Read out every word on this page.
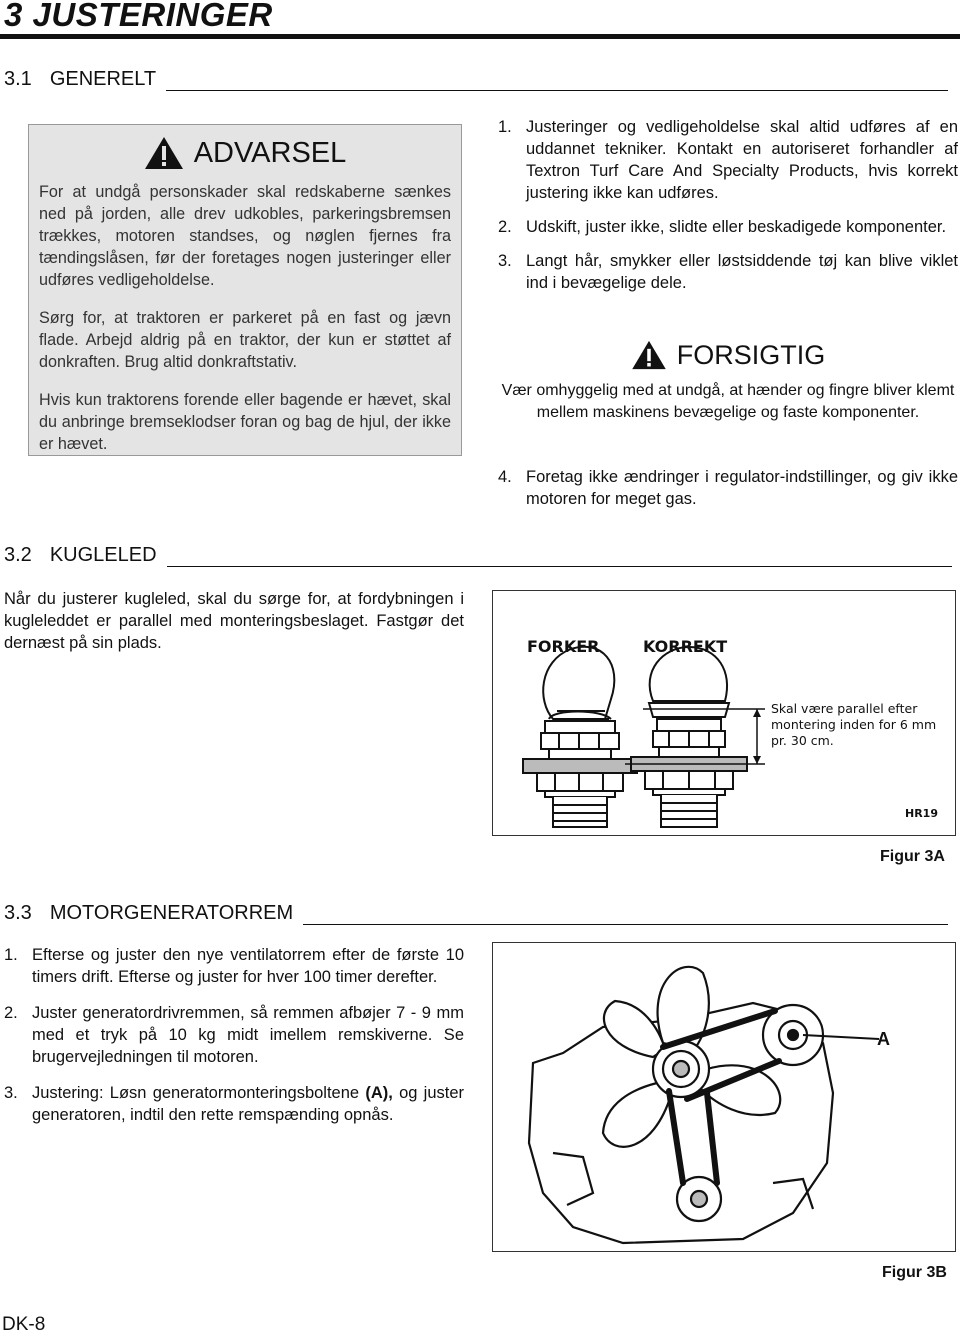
3 JUSTERINGER
3.1 GENERELT
ADVARSEL

For at undgå personskader skal redskaberne sænkes ned på jorden, alle drev udkobles, parkeringsbremsen trækkes, motoren standses, og nøglen fjernes fra tændingslåsen, før der foretages nogen justeringer eller udføres vedligeholdelse.

Sørg for, at traktoren er parkeret på en fast og jævn flade. Arbejd aldrig på en traktor, der kun er støttet af donkraften. Brug altid donkraftstativ.

Hvis kun traktorens forende eller bagende er hævet, skal du anbringe bremseklodser foran og bag de hjul, der ikke er hævet.

1. Justeringer og vedligeholdelse skal altid udføres af en uddannet tekniker. Kontakt en autoriseret forhandler af Textron Turf Care And Specialty Products, hvis korrekt justering ikke kan udføres.
2. Udskift, juster ikke, slidte eller beskadigede komponenter.
3. Langt hår, smykker eller løstsiddende tøj kan blive viklet ind i bevægelige dele.
FORSIGTIG
Vær omhyggelig med at undgå, at hænder og fingre bliver klemt mellem maskinens bevægelige og faste komponenter.
4. Foretag ikke ændringer i regulator-indstillinger, og giv ikke motoren for meget gas.
3.2 KUGLELED
Når du justerer kugleled, skal du sørge for, at fordybningen i kugleleddet er parallel med monteringsbeslaget. Fastgør det dernæst på sin plads.	FORKER	KORREKT
Skal være parallel efter
montering inden for 6 mm
pr. 30 cm.
HR19
Figur 3A
3.3 MOTORGENERATORREM
1. Efterse og juster den nye ventilatorrem efter de første 10 timers drift. Efterse og juster for hver 100 timer derefter.
2. Juster generatordrivremmen, så remmen afbøjer 7 - 9 mm med et tryk på 10 kg midt imellem remskiverne. Se brugervejledningen til motoren.
3. Justering: Løsn generatormonteringsboltene (A), og juster generatoren, indtil den rette remspænding opnås.
A
Figur 3B
DK-8
